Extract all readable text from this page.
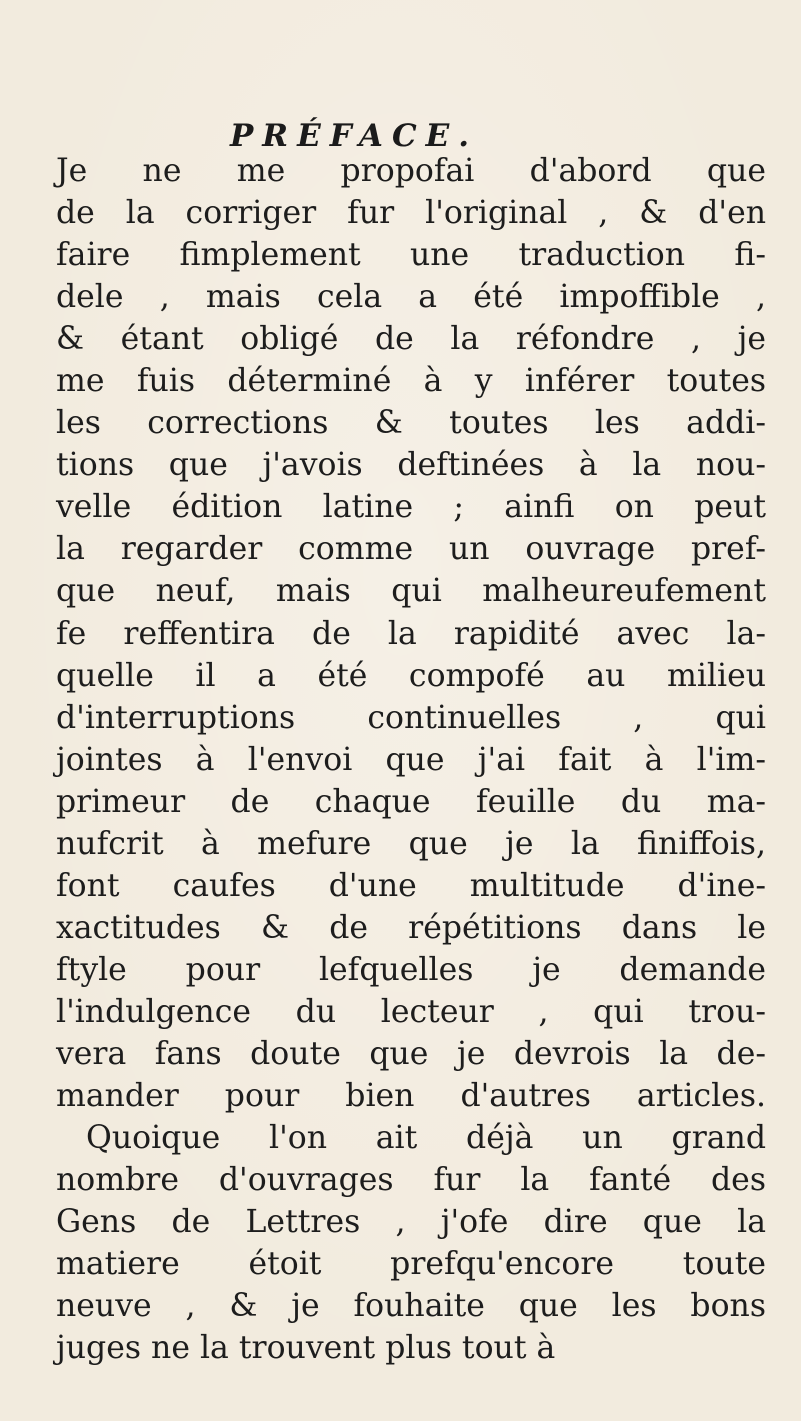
PRÉFACE.
Je ne me propofai d'abord que
de la corriger fur l'original , & d'en
faire fimplement une traduction fi-
dele , mais cela a été impoffible ,
& étant obligé de la réfondre , je
me fuis déterminé à y inférer toutes
les corrections & toutes les addi-
tions que j'avois deftinées à la nou-
velle édition latine ; ainfi on peut
la regarder comme un ouvrage pref-
que neuf, mais qui malheureufement
fe reffentira de la rapidité avec la-
quelle il a été compofé au milieu
d'interruptions continuelles , qui
jointes à l'envoi que j'ai fait à l'im-
primeur de chaque feuille du ma-
nufcrit à mefure que je la finiffois,
font caufes d'une multitude d'ine-
xactitudes & de répétitions dans le
ftyle pour lefquelles je demande
l'indulgence du lecteur , qui trou-
vera fans doute que je devrois la de-
mander pour bien d'autres articles.
Quoique l'on ait déjà un grand
nombre d'ouvrages fur la fanté des
Gens de Lettres , j'ofe dire que la
matiere étoit prefqu'encore toute
neuve , & je fouhaite que les bons
juges ne la trouvent plus tout à
